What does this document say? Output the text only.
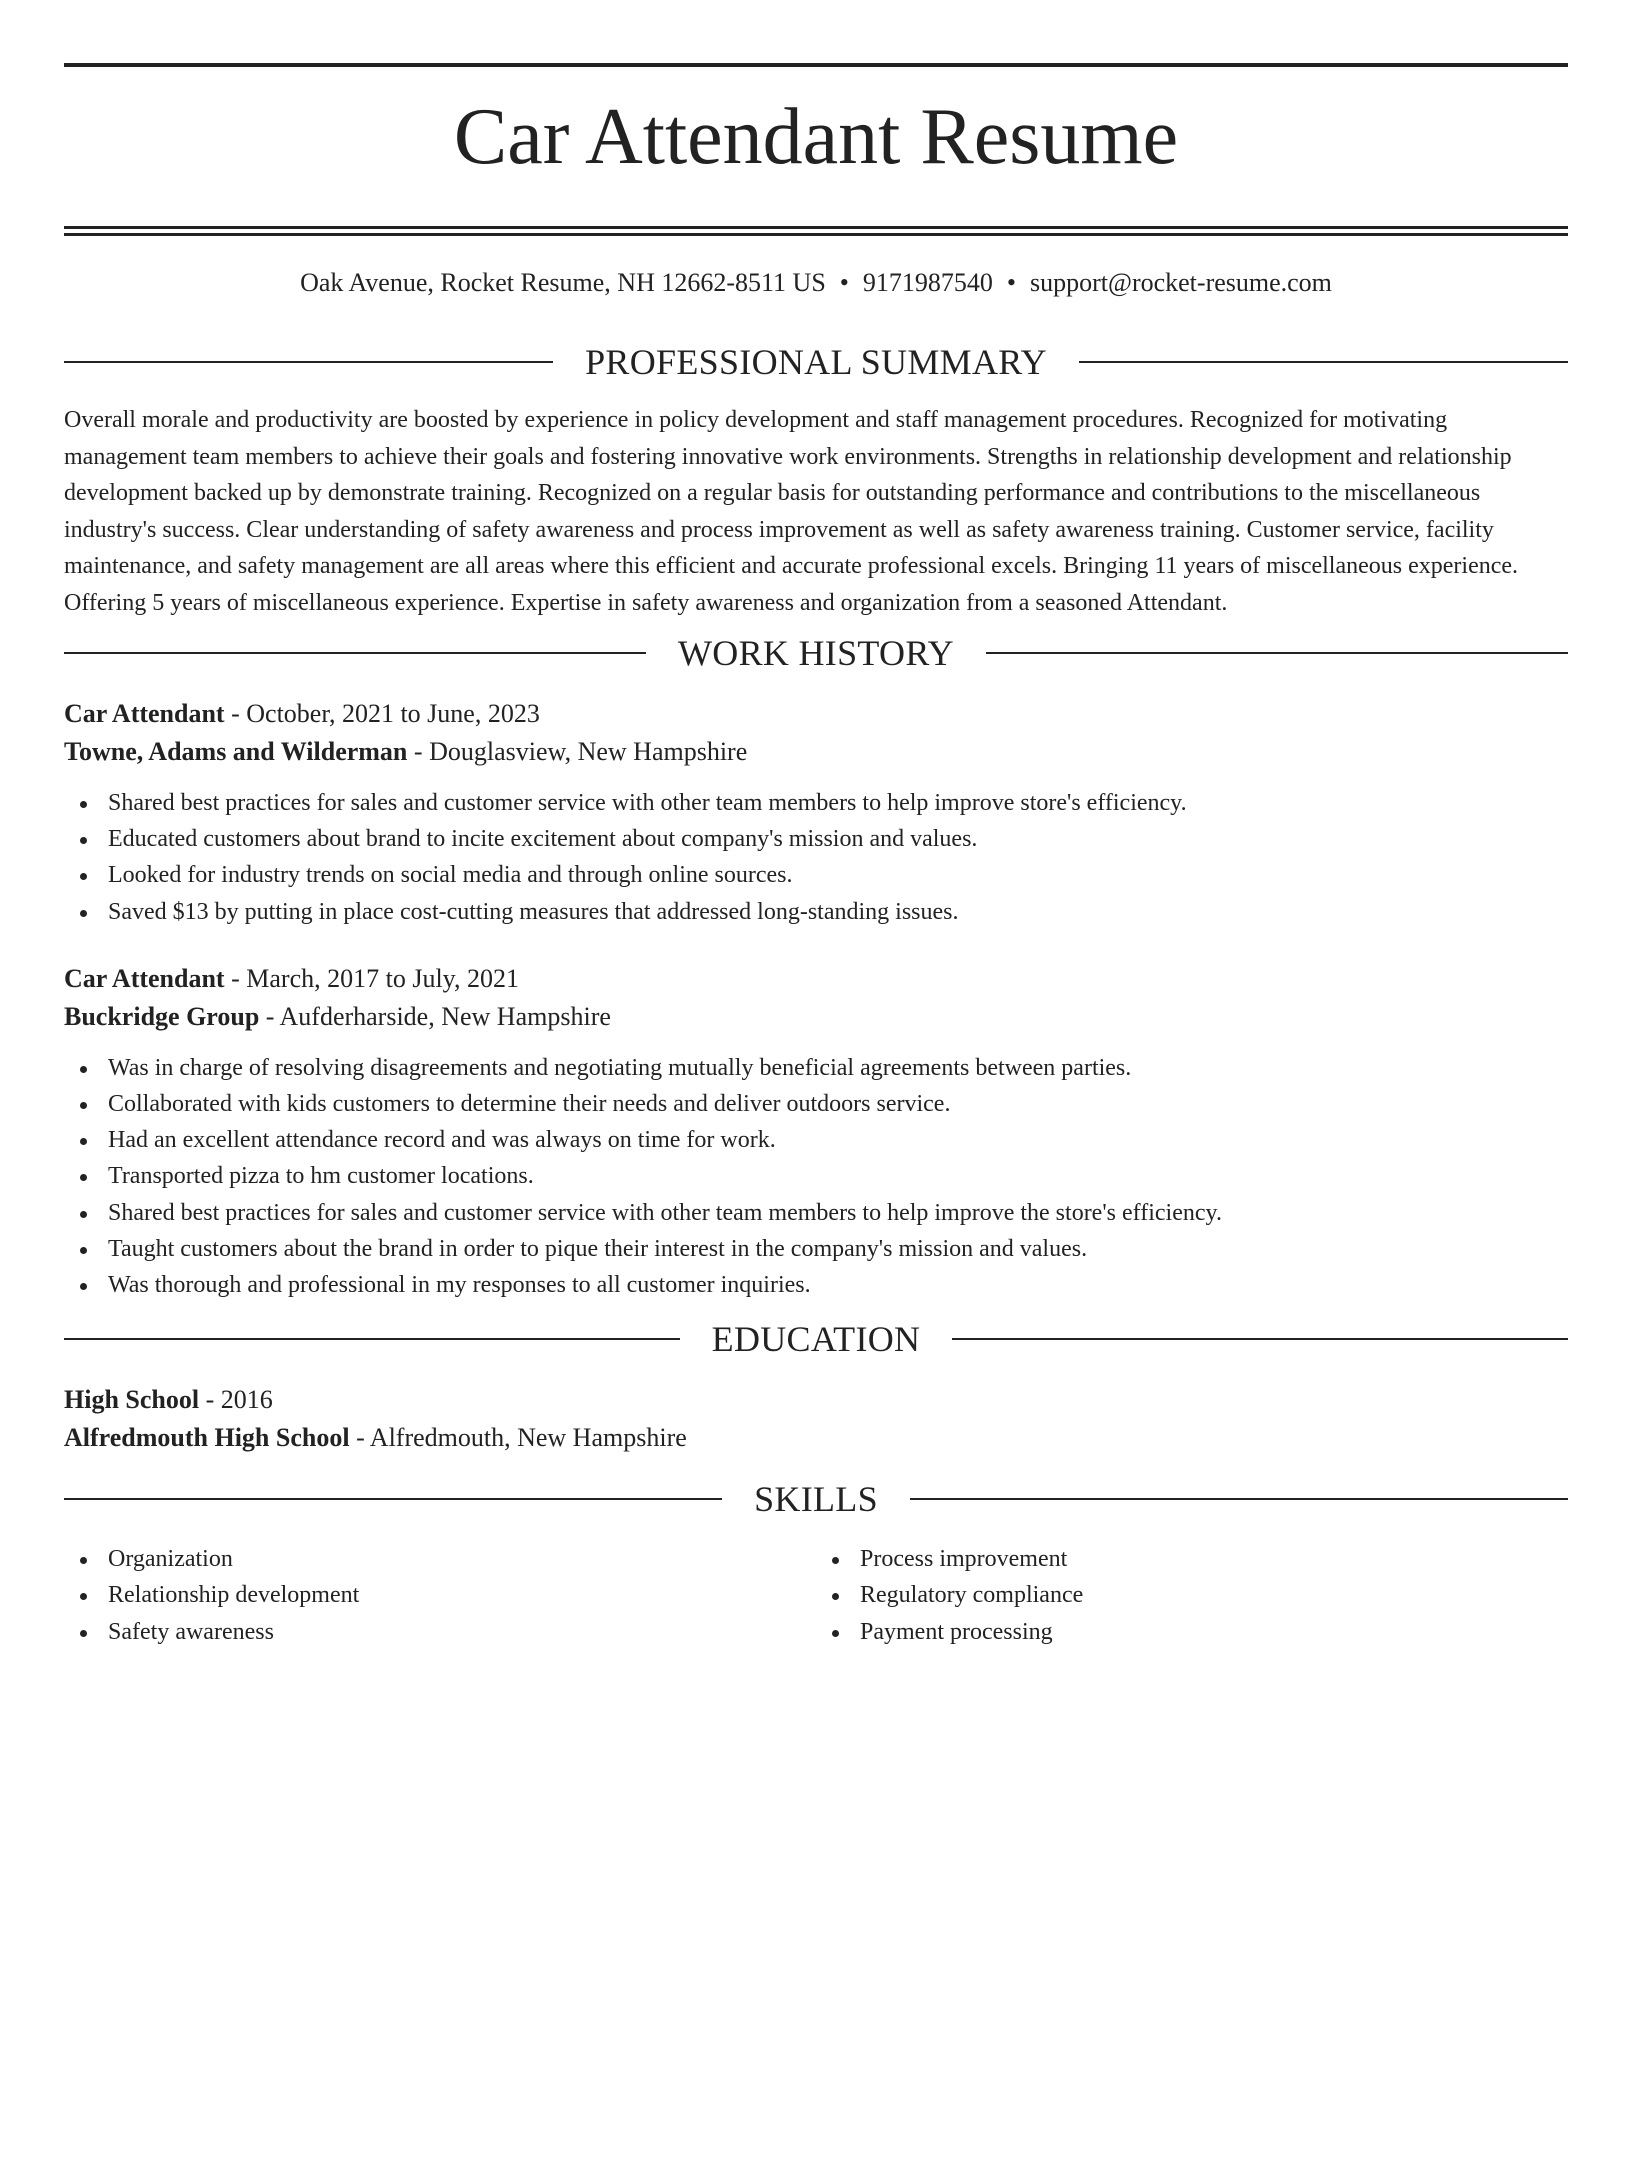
Car Attendant Resume
Oak Avenue, Rocket Resume, NH 12662-8511 US • 9171987540 • support@rocket-resume.com
PROFESSIONAL SUMMARY

Overall morale and productivity are boosted by experience in policy development and staff management procedures. Recognized for motivating management team members to achieve their goals and fostering innovative work environments. Strengths in relationship development and relationship development backed up by demonstrate training. Recognized on a regular basis for outstanding performance and contributions to the miscellaneous industry's success. Clear understanding of safety awareness and process improvement as well as safety awareness training. Customer service, facility maintenance, and safety management are all areas where this efficient and accurate professional excels. Bringing 11 years of miscellaneous experience. Offering 5 years of miscellaneous experience. Expertise in safety awareness and organization from a seasoned Attendant.

WORK HISTORY

Car Attendant - October, 2021 to June, 2023

Towne, Adams and Wilderman - Douglasview, New Hampshire

Shared best practices for sales and customer service with other team members to help improve store's efficiency.
Educated customers about brand to incite excitement about company's mission and values.
Looked for industry trends on social media and through online sources.
Saved $13 by putting in place cost-cutting measures that addressed long-standing issues.

Car Attendant - March, 2017 to July, 2021

Buckridge Group - Aufderharside, New Hampshire

Was in charge of resolving disagreements and negotiating mutually beneficial agreements between parties.
Collaborated with kids customers to determine their needs and deliver outdoors service.
Had an excellent attendance record and was always on time for work.
Transported pizza to hm customer locations.
Shared best practices for sales and customer service with other team members to help improve the store's efficiency.
Taught customers about the brand in order to pique their interest in the company's mission and values.
Was thorough and professional in my responses to all customer inquiries.
EDUCATION

High School - 2016

Alfredmouth High School - Alfredmouth, New Hampshire

SKILLS
Organization
Relationship development
Safety awareness
Process improvement
Regulatory compliance
Payment processing
